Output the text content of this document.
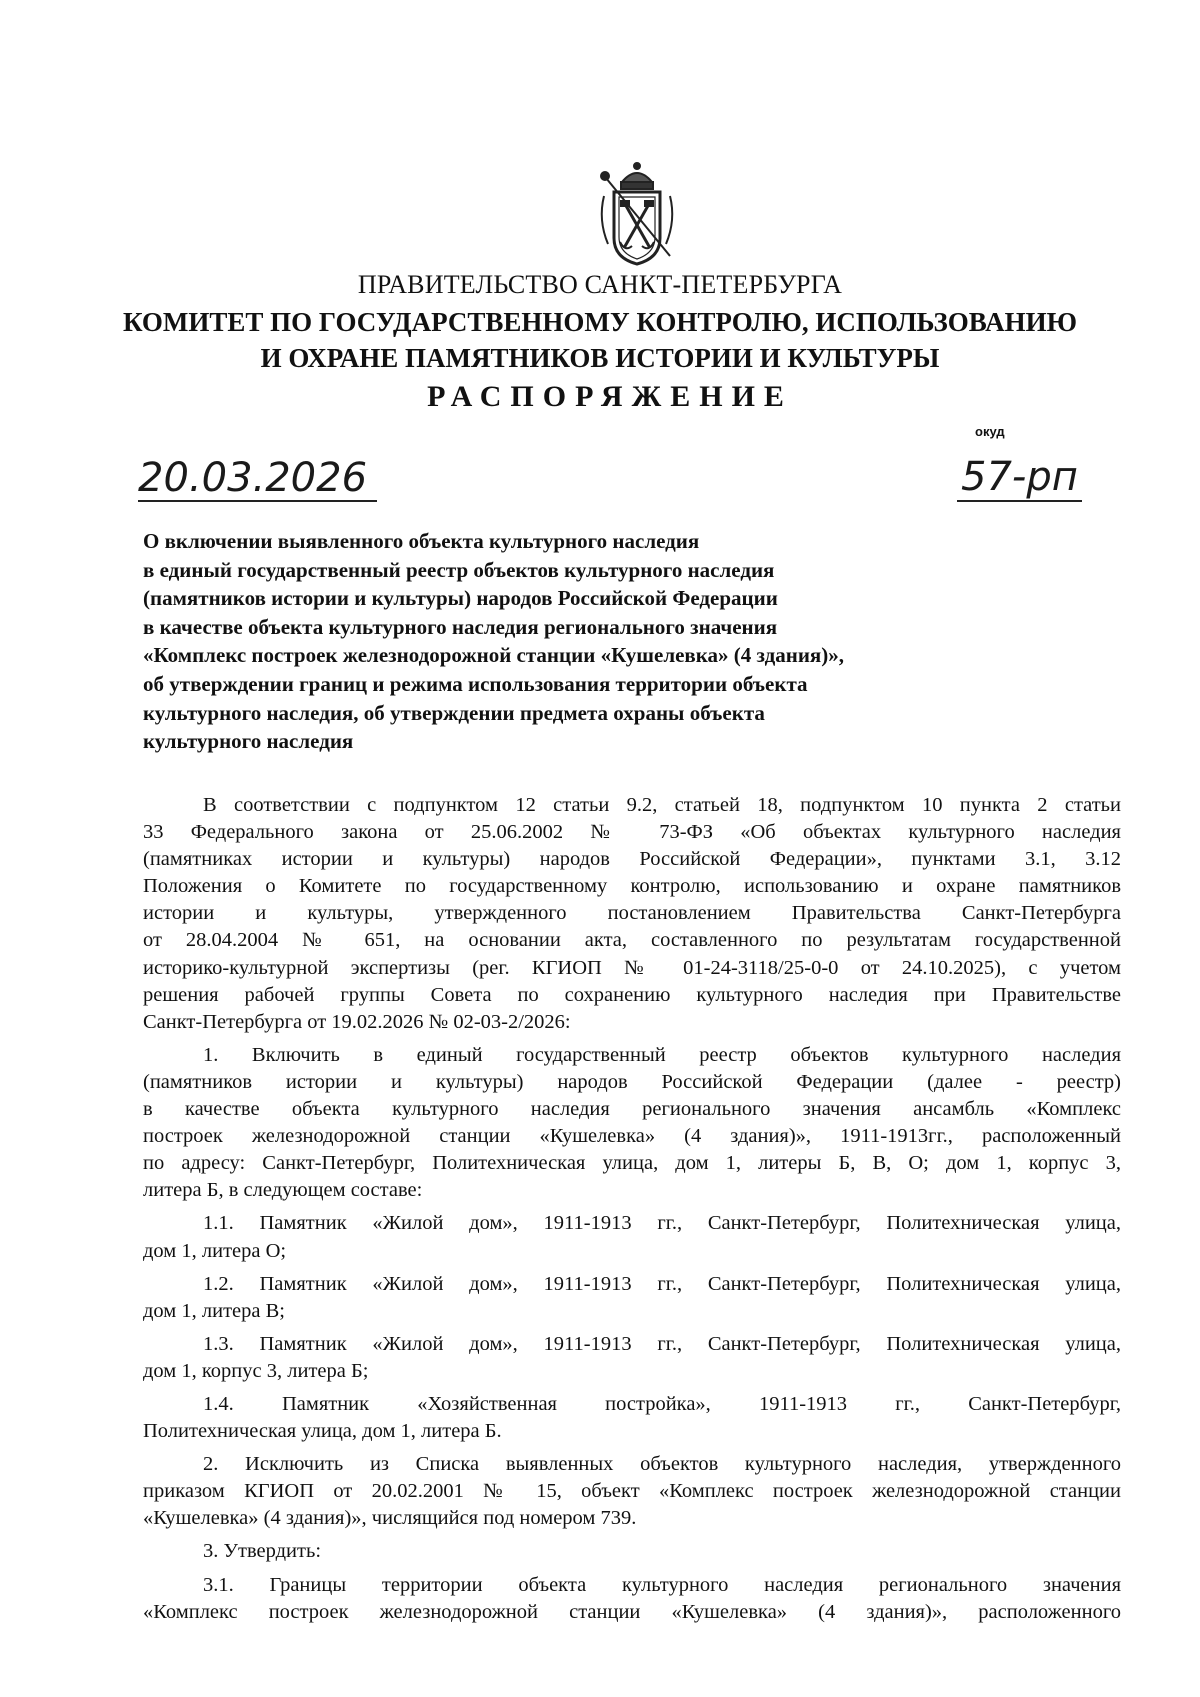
ПРАВИТЕЛЬСТВО САНКТ-ПЕТЕРБУРГА
КОМИТЕТ ПО ГОСУДАРСТВЕННОМУ КОНТРОЛЮ, ИСПОЛЬЗОВАНИЮ
И ОХРАНЕ ПАМЯТНИКОВ ИСТОРИИ И КУЛЬТУРЫ
РАСПОРЯЖЕНИЕ
окуд
20.03.2026	57-рп
О включении выявленного объекта культурного наследия
в единый государственный реестр объектов культурного наследия
(памятников истории и культуры) народов Российской Федерации
в качестве объекта культурного наследия регионального значения
«Комплекс построек железнодорожной станции «Кушелевка» (4 здания)»,
об утверждении границ и режима использования территории объекта
культурного наследия, об утверждении предмета охраны объекта
культурного наследия

В соответствии с подпунктом 12 статьи 9.2, статьей 18, подпунктом 10 пункта 2 статьи

33 Федерального закона от 25.06.2002 № 73-ФЗ «Об объектах культурного наследия

(памятниках истории и культуры) народов Российской Федерации», пунктами 3.1, 3.12

Положения о Комитете по государственному контролю, использованию и охране памятников

истории и культуры, утвержденного постановлением Правительства Санкт-Петербурга

от 28.04.2004 № 651, на основании акта, составленного по результатам государственной

историко-культурной экспертизы (рег. КГИОП № 01-24-3118/25-0-0 от 24.10.2025), с учетом

решения рабочей группы Совета по сохранению культурного наследия при Правительстве

Санкт-Петербурга от 19.02.2026 № 02-03-2/2026:

1. Включить в единый государственный реестр объектов культурного наследия

(памятников истории и культуры) народов Российской Федерации (далее - реестр)

в качестве объекта культурного наследия регионального значения ансамбль «Комплекс

построек железнодорожной станции «Кушелевка» (4 здания)», 1911-1913гг., расположенный

по адресу: Санкт-Петербург, Политехническая улица, дом 1, литеры Б, В, О; дом 1, корпус 3,

литера Б, в следующем составе:

1.1. Памятник «Жилой дом», 1911-1913 гг., Санкт-Петербург, Политехническая улица,

дом 1, литера О;

1.2. Памятник «Жилой дом», 1911-1913 гг., Санкт-Петербург, Политехническая улица,

дом 1, литера В;

1.3. Памятник «Жилой дом», 1911-1913 гг., Санкт-Петербург, Политехническая улица,

дом 1, корпус 3, литера Б;

1.4. Памятник «Хозяйственная постройка», 1911-1913 гг., Санкт-Петербург,

Политехническая улица, дом 1, литера Б.

2. Исключить из Списка выявленных объектов культурного наследия, утвержденного

приказом КГИОП от 20.02.2001 № 15, объект «Комплекс построек железнодорожной станции

«Кушелевка» (4 здания)», числящийся под номером 739.

3. Утвердить:

3.1. Границы территории объекта культурного наследия регионального значения

«Комплекс построек железнодорожной станции «Кушелевка» (4 здания)», расположенного
